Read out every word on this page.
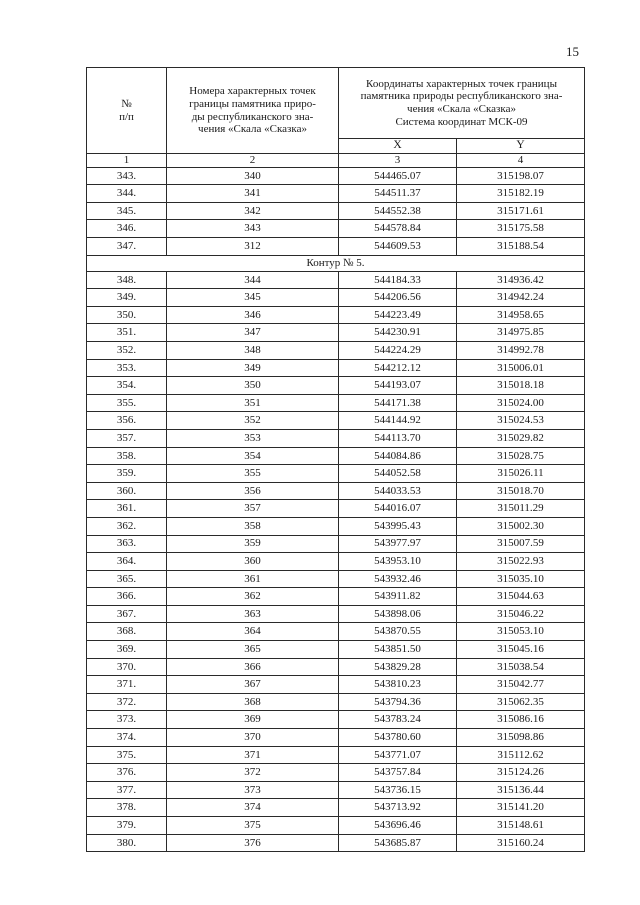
15
№
п/п	Номера характерных точек
границы памятника приро-
ды республиканского зна-
чения «Скала «Сказка»	Координаты характерных точек границы
памятника природы республиканского зна-
чения «Скала «Сказка»
Система координат МСК-09	

		X	Y
1	2	3	4
343.	340	544465.07	315198.07
344.	341	544511.37	315182.19
345.	342	544552.38	315171.61
346.	343	544578.84	315175.58
347.	312	544609.53	315188.54
Контур № 5.			
348.	344	544184.33	314936.42
349.	345	544206.56	314942.24
350.	346	544223.49	314958.65
351.	347	544230.91	314975.85
352.	348	544224.29	314992.78
353.	349	544212.12	315006.01
354.	350	544193.07	315018.18
355.	351	544171.38	315024.00
356.	352	544144.92	315024.53
357.	353	544113.70	315029.82
358.	354	544084.86	315028.75
359.	355	544052.58	315026.11
360.	356	544033.53	315018.70
361.	357	544016.07	315011.29
362.	358	543995.43	315002.30
363.	359	543977.97	315007.59
364.	360	543953.10	315022.93
365.	361	543932.46	315035.10
366.	362	543911.82	315044.63
367.	363	543898.06	315046.22
368.	364	543870.55	315053.10
369.	365	543851.50	315045.16
370.	366	543829.28	315038.54
371.	367	543810.23	315042.77
372.	368	543794.36	315062.35
373.	369	543783.24	315086.16
374.	370	543780.60	315098.86
375.	371	543771.07	315112.62
376.	372	543757.84	315124.26
377.	373	543736.15	315136.44
378.	374	543713.92	315141.20
379.	375	543696.46	315148.61
380.	376	543685.87	315160.24
